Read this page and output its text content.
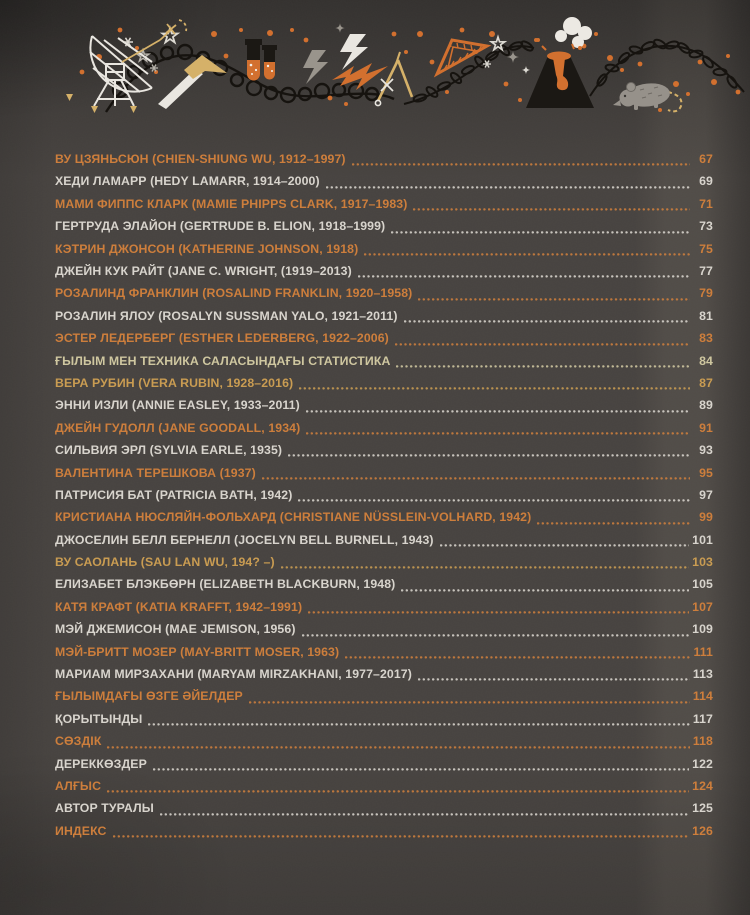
ВУ ЦЗЯНЬСЮН (CHIEN-SHIUNG WU, 1912–1997)	67
ХЕДИ ЛАМАРР (HEDY LAMARR, 1914–2000)	69
МАМИ ФИППС КЛАРК (MAMIE PHIPPS CLARK, 1917–1983)	71
ГЕРТРУДА ЭЛАЙОН (GERTRUDE B. ELION, 1918–1999)	73
КЭТРИН ДЖОНСОН (KATHERINE JOHNSON, 1918)	75
ДЖЕЙН КУК РАЙТ (JANE C. WRIGHT, (1919–2013)	77
РОЗАЛИНД ФРАНКЛИН (ROSALIND FRANKLIN, 1920–1958)	79
РОЗАЛИН ЯЛОУ (ROSALYN SUSSMAN YALO, 1921–2011)	81
ЭСТЕР ЛЕДЕРБЕРГ (ESTHER LEDERBERG, 1922–2006)	83
ҒЫЛЫМ МЕН ТЕХНИКА САЛАСЫНДАҒЫ СТАТИСТИКА	84
ВЕРА РУБИН (VERA RUBIN, 1928–2016)	87
ЭННИ ИЗЛИ (ANNIE EASLEY, 1933–2011)	89
ДЖЕЙН ГУДОЛЛ (JANE GOODALL, 1934)	91
СИЛЬВИЯ ЭРЛ (SYLVIA EARLE, 1935)	93
ВАЛЕНТИНА ТЕРЕШКОВА (1937)	95
ПАТРИСИЯ БАТ (PATRICIA BATH, 1942)	97
КРИСТИАНА НЮСЛЯЙН-ФОЛЬХАРД (CHRISTIANE NÜSSLEIN-VOLHARD, 1942)	99
ДЖОСЕЛИН БЕЛЛ БЕРНЕЛЛ (JOCELYN BELL BURNELL, 1943)	101
ВУ САОЛАНЬ (SAU LAN WU, 194? –)	103
ЕЛИЗАБЕТ БЛЭКБӨРН (ELIZABETH BLACKBURN, 1948)	105
КАТЯ КРАФТ (KATIA KRAFFT, 1942–1991)	107
МЭЙ ДЖЕМИСОН (MAE JEMISON, 1956)	109
МЭЙ-БРИТТ МОЗЕР (MAY-BRITT MOSER, 1963)	111
МАРИАМ МИРЗАХАНИ (MARYAM MIRZAKHANI, 1977–2017)	113
ҒЫЛЫМДАҒЫ ӨЗГЕ ӘЙЕЛДЕР	114
ҚОРЫТЫНДЫ	117
СӨЗДІК	118
ДЕРЕККӨЗДЕР	122
АЛҒЫС	124
АВТОР ТУРАЛЫ	125
ИНДЕКС	126
